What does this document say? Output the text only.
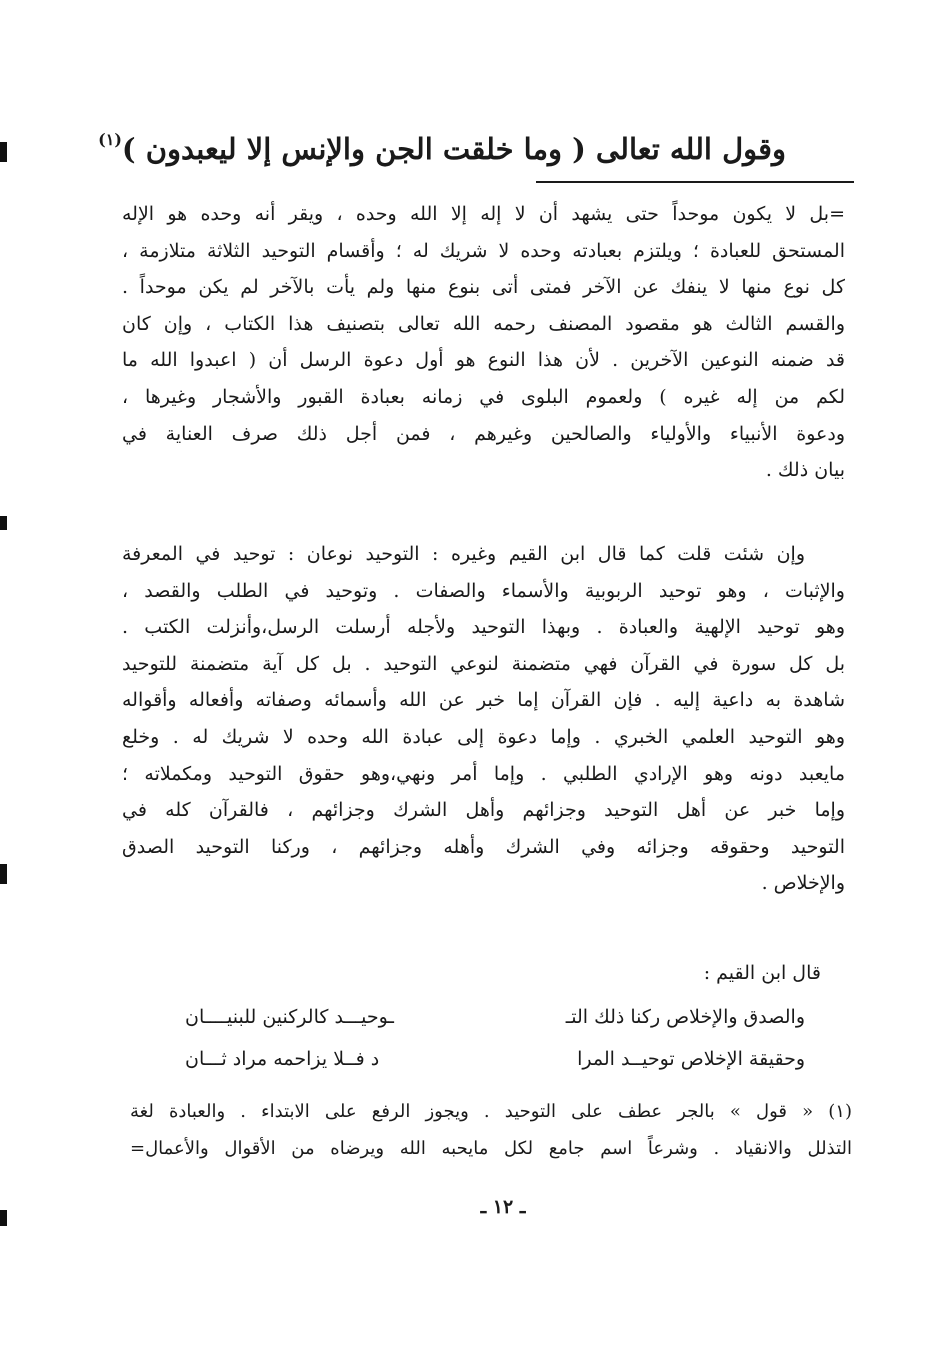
وقول الله تعالى ( وما خلقت الجن والإنس إلا ليعبدون )$^{(١)}$
=بل لا يكون موحداً حتى يشهد أن لا إله إلا الله وحده ، ويقر أنه وحده هو الإله
المستحق للعبادة ؛ ويلتزم بعبادته وحده لا شريك له ؛ وأقسام التوحيد الثلاثة متلازمة ،
كل نوع منها لا ينفك عن الآخر فمتى أتى بنوع منها ولم يأت بالآخر لم يكن موحداً .
والقسم الثالث هو مقصود المصنف رحمه الله تعالى بتصنيف هذا الكتاب ، وإن كان
قد ضمنه النوعين الآخرين . لأن هذا النوع هو أول دعوة الرسل أن ( اعبدوا الله ما
لكم من إله غيره ) ولعموم البلوى في زمانه بعبادة القبور والأشجار وغيرها ،
ودعوة الأنبياء والأولياء والصالحين وغيرهم ، فمن أجل ذلك صرف العناية في
بيان ذلك .
وإن شئت قلت كما قال ابن القيم وغيره : التوحيد نوعان : توحيد في المعرفة
والإثبات ، وهو توحيد الربوبية والأسماء والصفات . وتوحيد في الطلب والقصد ،
وهو توحيد الإلهية والعبادة . وبهذا التوحيد ولأجله أرسلت الرسل،وأنزلت الكتب .
بل كل سورة في القرآن فهي متضمنة لنوعي التوحيد . بل كل آية متضمنة للتوحيد
شاهدة به داعية إليه . فإن القرآن إما خبر عن الله وأسمائه وصفاته وأفعاله وأقواله
وهو التوحيد العلمي الخبري . وإما دعوة إلى عبادة الله وحده لا شريك له . وخلع
مايعبد دونه وهو الإرادي الطلبي . وإما أمر ونهي،وهو حقوق التوحيد ومكملاته ؛
وإما خبر عن أهل التوحيد وجزائهم وأهل الشرك وجزائهم ، فالقرآن كله في
التوحيد وحقوقه وجزائه وفي الشرك وأهله وجزائهم ، وركنا التوحيد الصدق
والإخلاص .
قال ابن القيم :
والصدق والإخلاص ركنا ذلك التـ
ـوحيـــد كالركنين للبنيــــان
وحقيقة الإخلاص توحيــد المرا
د فــلا يزاحمه مراد ثـــان
(١) « قول » بالجر عطف على التوحيد . ويجوز الرفع على الابتداء . والعبادة لغة
التذلل والانقياد . وشرعاً اسم جامع لكل مايحبه الله ويرضاه من الأقوال والأعمال=
ـ ١٢ ـ
